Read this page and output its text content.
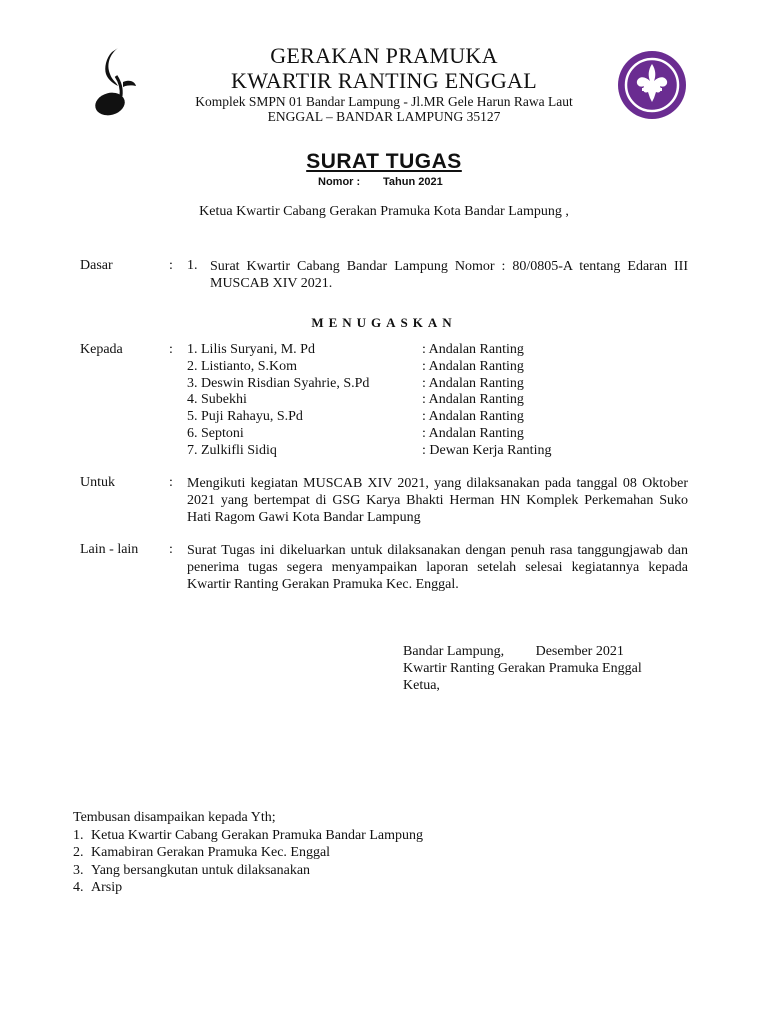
GERAKAN PRAMUKA
KWARTIR RANTING ENGGAL
Komplek SMPN 01 Bandar Lampung - Jl.MR Gele Harun Rawa Laut
ENGGAL – BANDAR LAMPUNG 35127
SURAT TUGAS
Nomor : Tahun 2021
Ketua Kwartir Cabang Gerakan Pramuka Kota Bandar Lampung ,
Dasar	: 1. Surat Kwartir Cabang Bandar Lampung Nomor : 80/0805-A tentang Edaran III MUSCAB XIV 2021.
MENUGASKAN
Kepada	: 1. Lilis Suryani, M. Pd	: Andalan Ranting
2. Listianto, S.Kom	: Andalan Ranting
3. Deswin Risdian Syahrie, S.Pd	: Andalan Ranting
4. Subekhi	: Andalan Ranting
5. Puji Rahayu, S.Pd	: Andalan Ranting
6. Septoni	: Andalan Ranting
7. Zulkifli Sidiq	: Dewan Kerja Ranting
Untuk	: Mengikuti kegiatan MUSCAB XIV 2021, yang dilaksanakan pada tanggal 08 Oktober 2021 yang bertempat di GSG Karya Bhakti Herman HN Komplek Perkemahan Suko Hati Ragom Gawi Kota Bandar Lampung
Lain - lain : Surat Tugas ini dikeluarkan untuk dilaksanakan dengan penuh rasa tanggungjawab dan penerima tugas segera menyampaikan laporan setelah selesai kegiatannya kepada Kwartir Ranting Gerakan Pramuka Kec. Enggal.
Bandar Lampung,         Desember 2021
Kwartir Ranting Gerakan Pramuka Enggal
Ketua,
Tembusan disampaikan kepada Yth;
1. Ketua Kwartir Cabang Gerakan Pramuka Bandar Lampung
2. Kamabiran Gerakan Pramuka Kec. Enggal
3. Yang bersangkutan untuk dilaksanakan
4. Arsip
